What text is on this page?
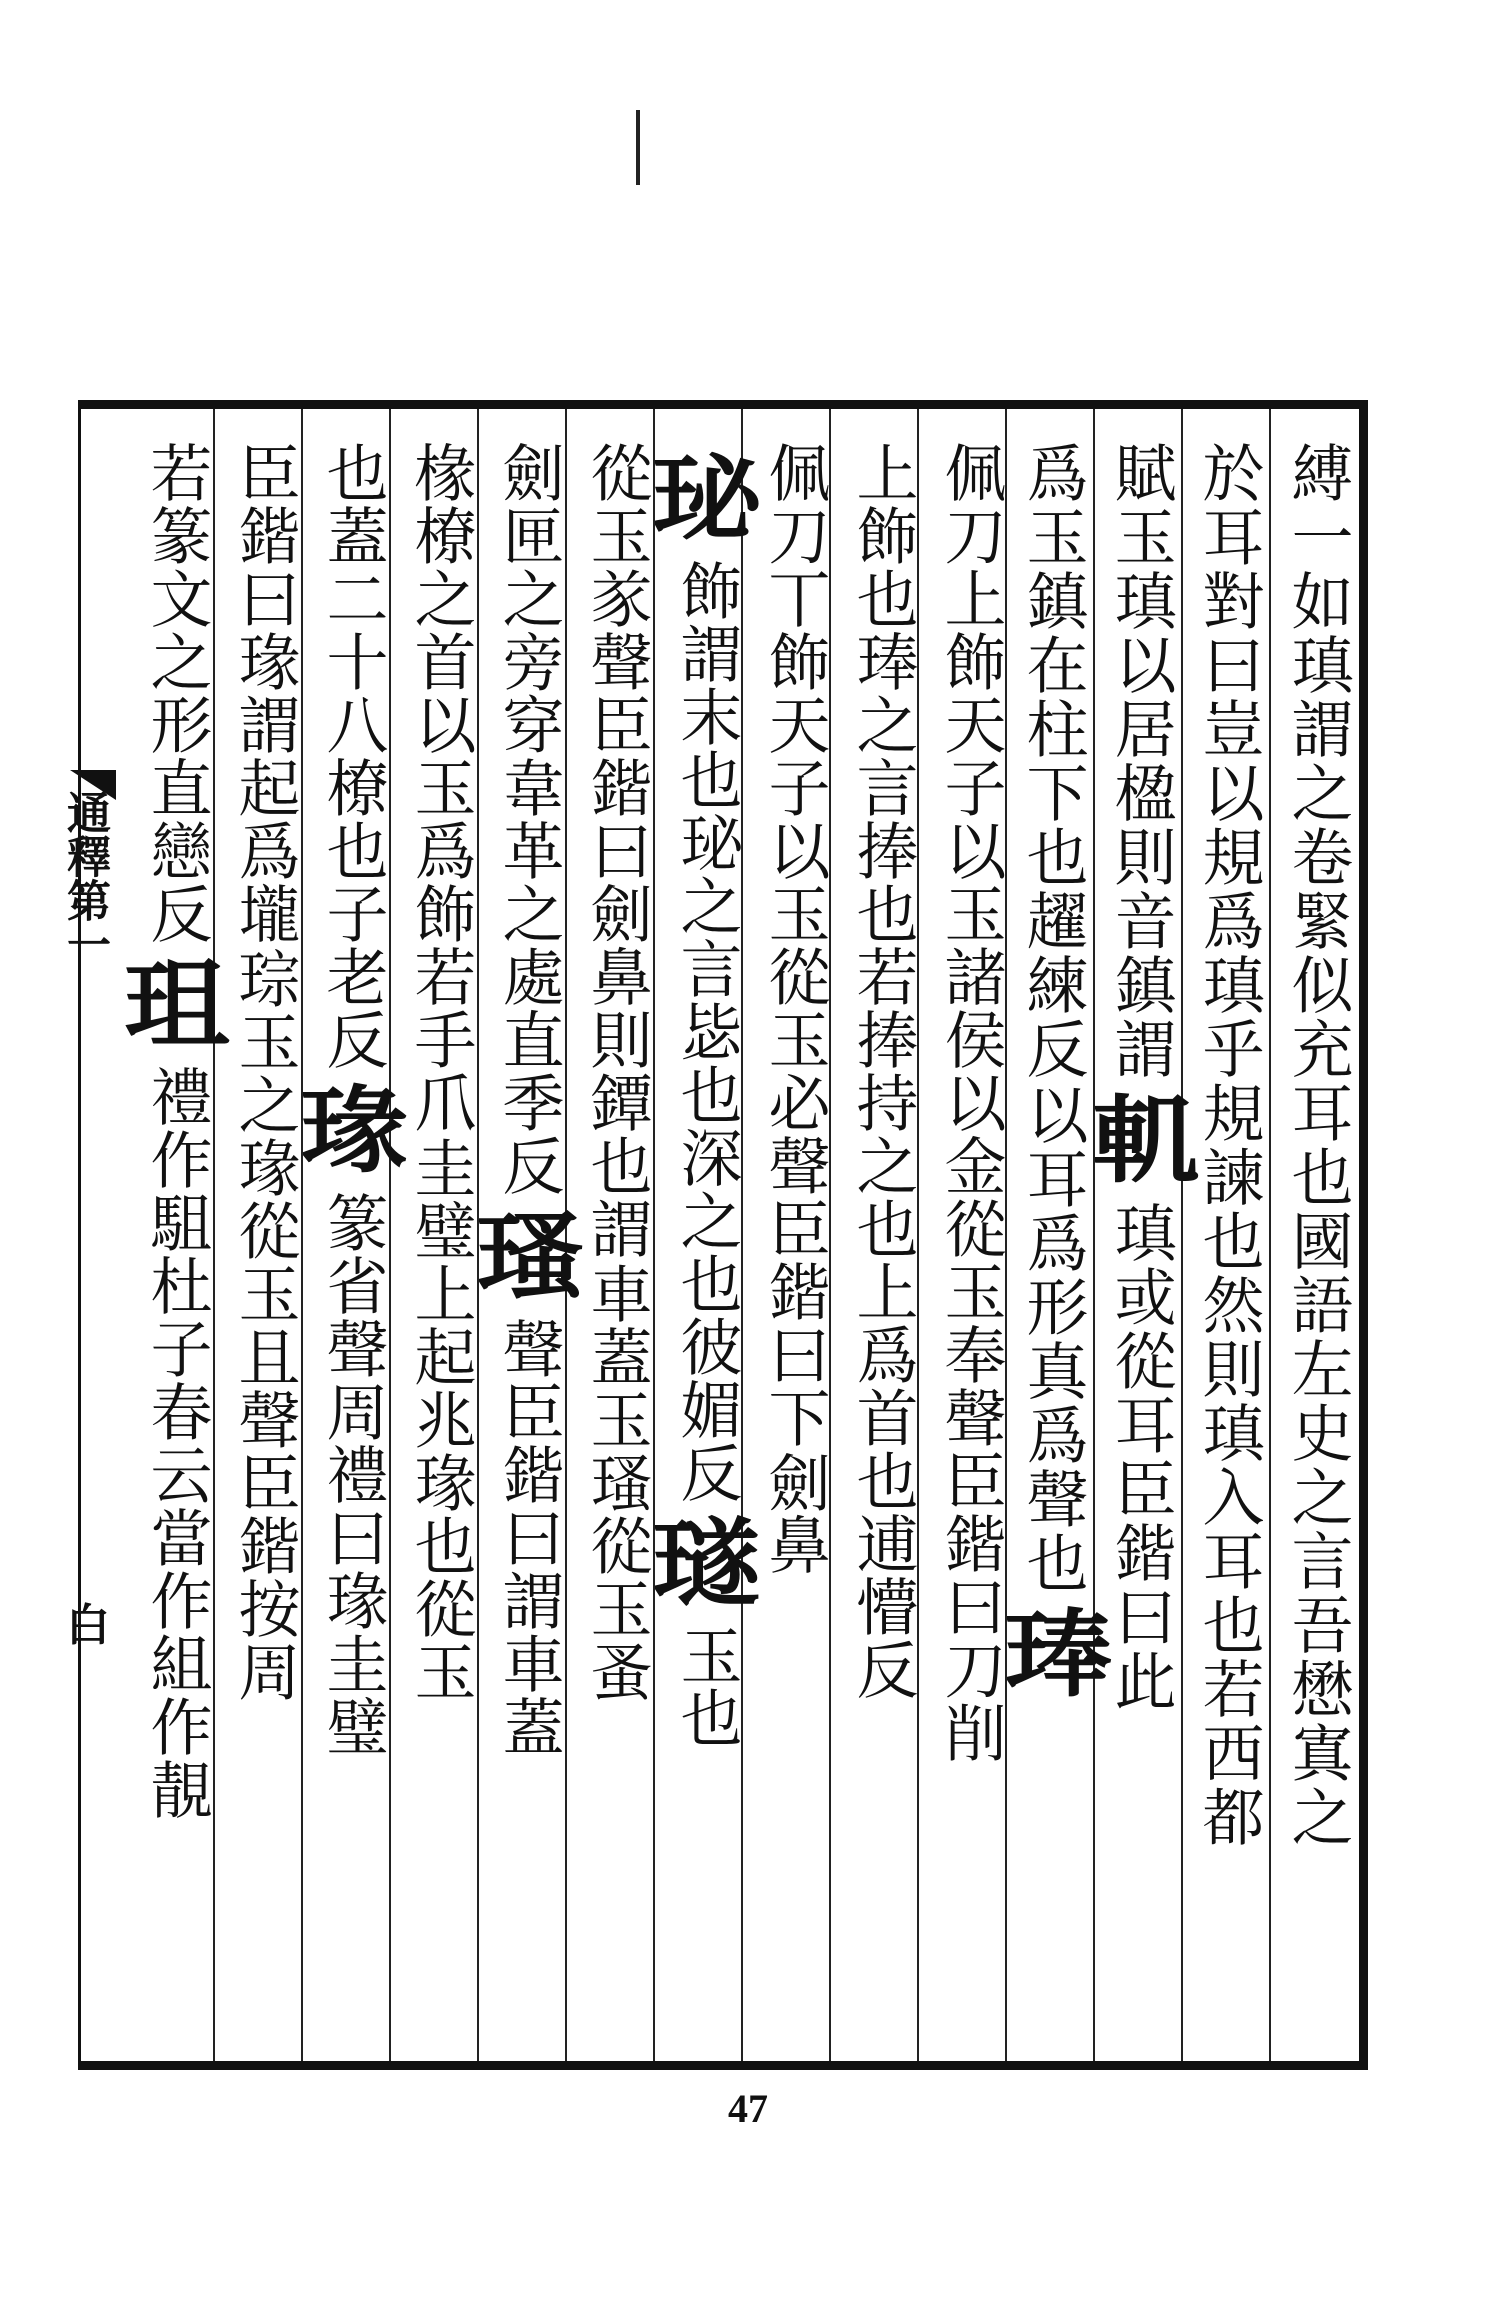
縛一如瑱謂之卷緊似充耳也國語左史之言吾懋寘之
於耳對曰豈以規爲瑱乎規諫也然則瑱入耳也若西都
賦玉瑱以居楹則音鎮謂
䡄
瑱或從耳臣鍇曰此
爲玉鎮在柱下也趯練反
以耳爲形真爲聲也
琫
佩刀上飾天子以玉諸侯以金從玉奉聲臣鍇曰刀削
上飾也琫之言捧也若捧持之也上爲首也逋懵反
佩刀丅飾天子以玉從玉必聲臣鍇曰下
劍鼻
珌
飾謂末也珌之言毖也深之也彼媚反
璲
玉也
從玉㒸聲臣鍇曰劍鼻則鐔也謂
車蓋玉瑵從玉蚤
劍匣之旁穿韋革之處直季反
瑵
聲臣鍇曰謂車蓋
椽橑之首以玉爲飾若手爪
圭璧上起兆瑑也從玉
也蓋二十八橑也子老反
瑑
篆省聲周禮曰瑑圭璧
臣鍇曰瑑謂起爲壠
琮玉之瑑從玉且聲臣鍇按周
若篆文之形直戀反
珇
禮作駔杜子春云當作組作靚
通釋第一
白
47
